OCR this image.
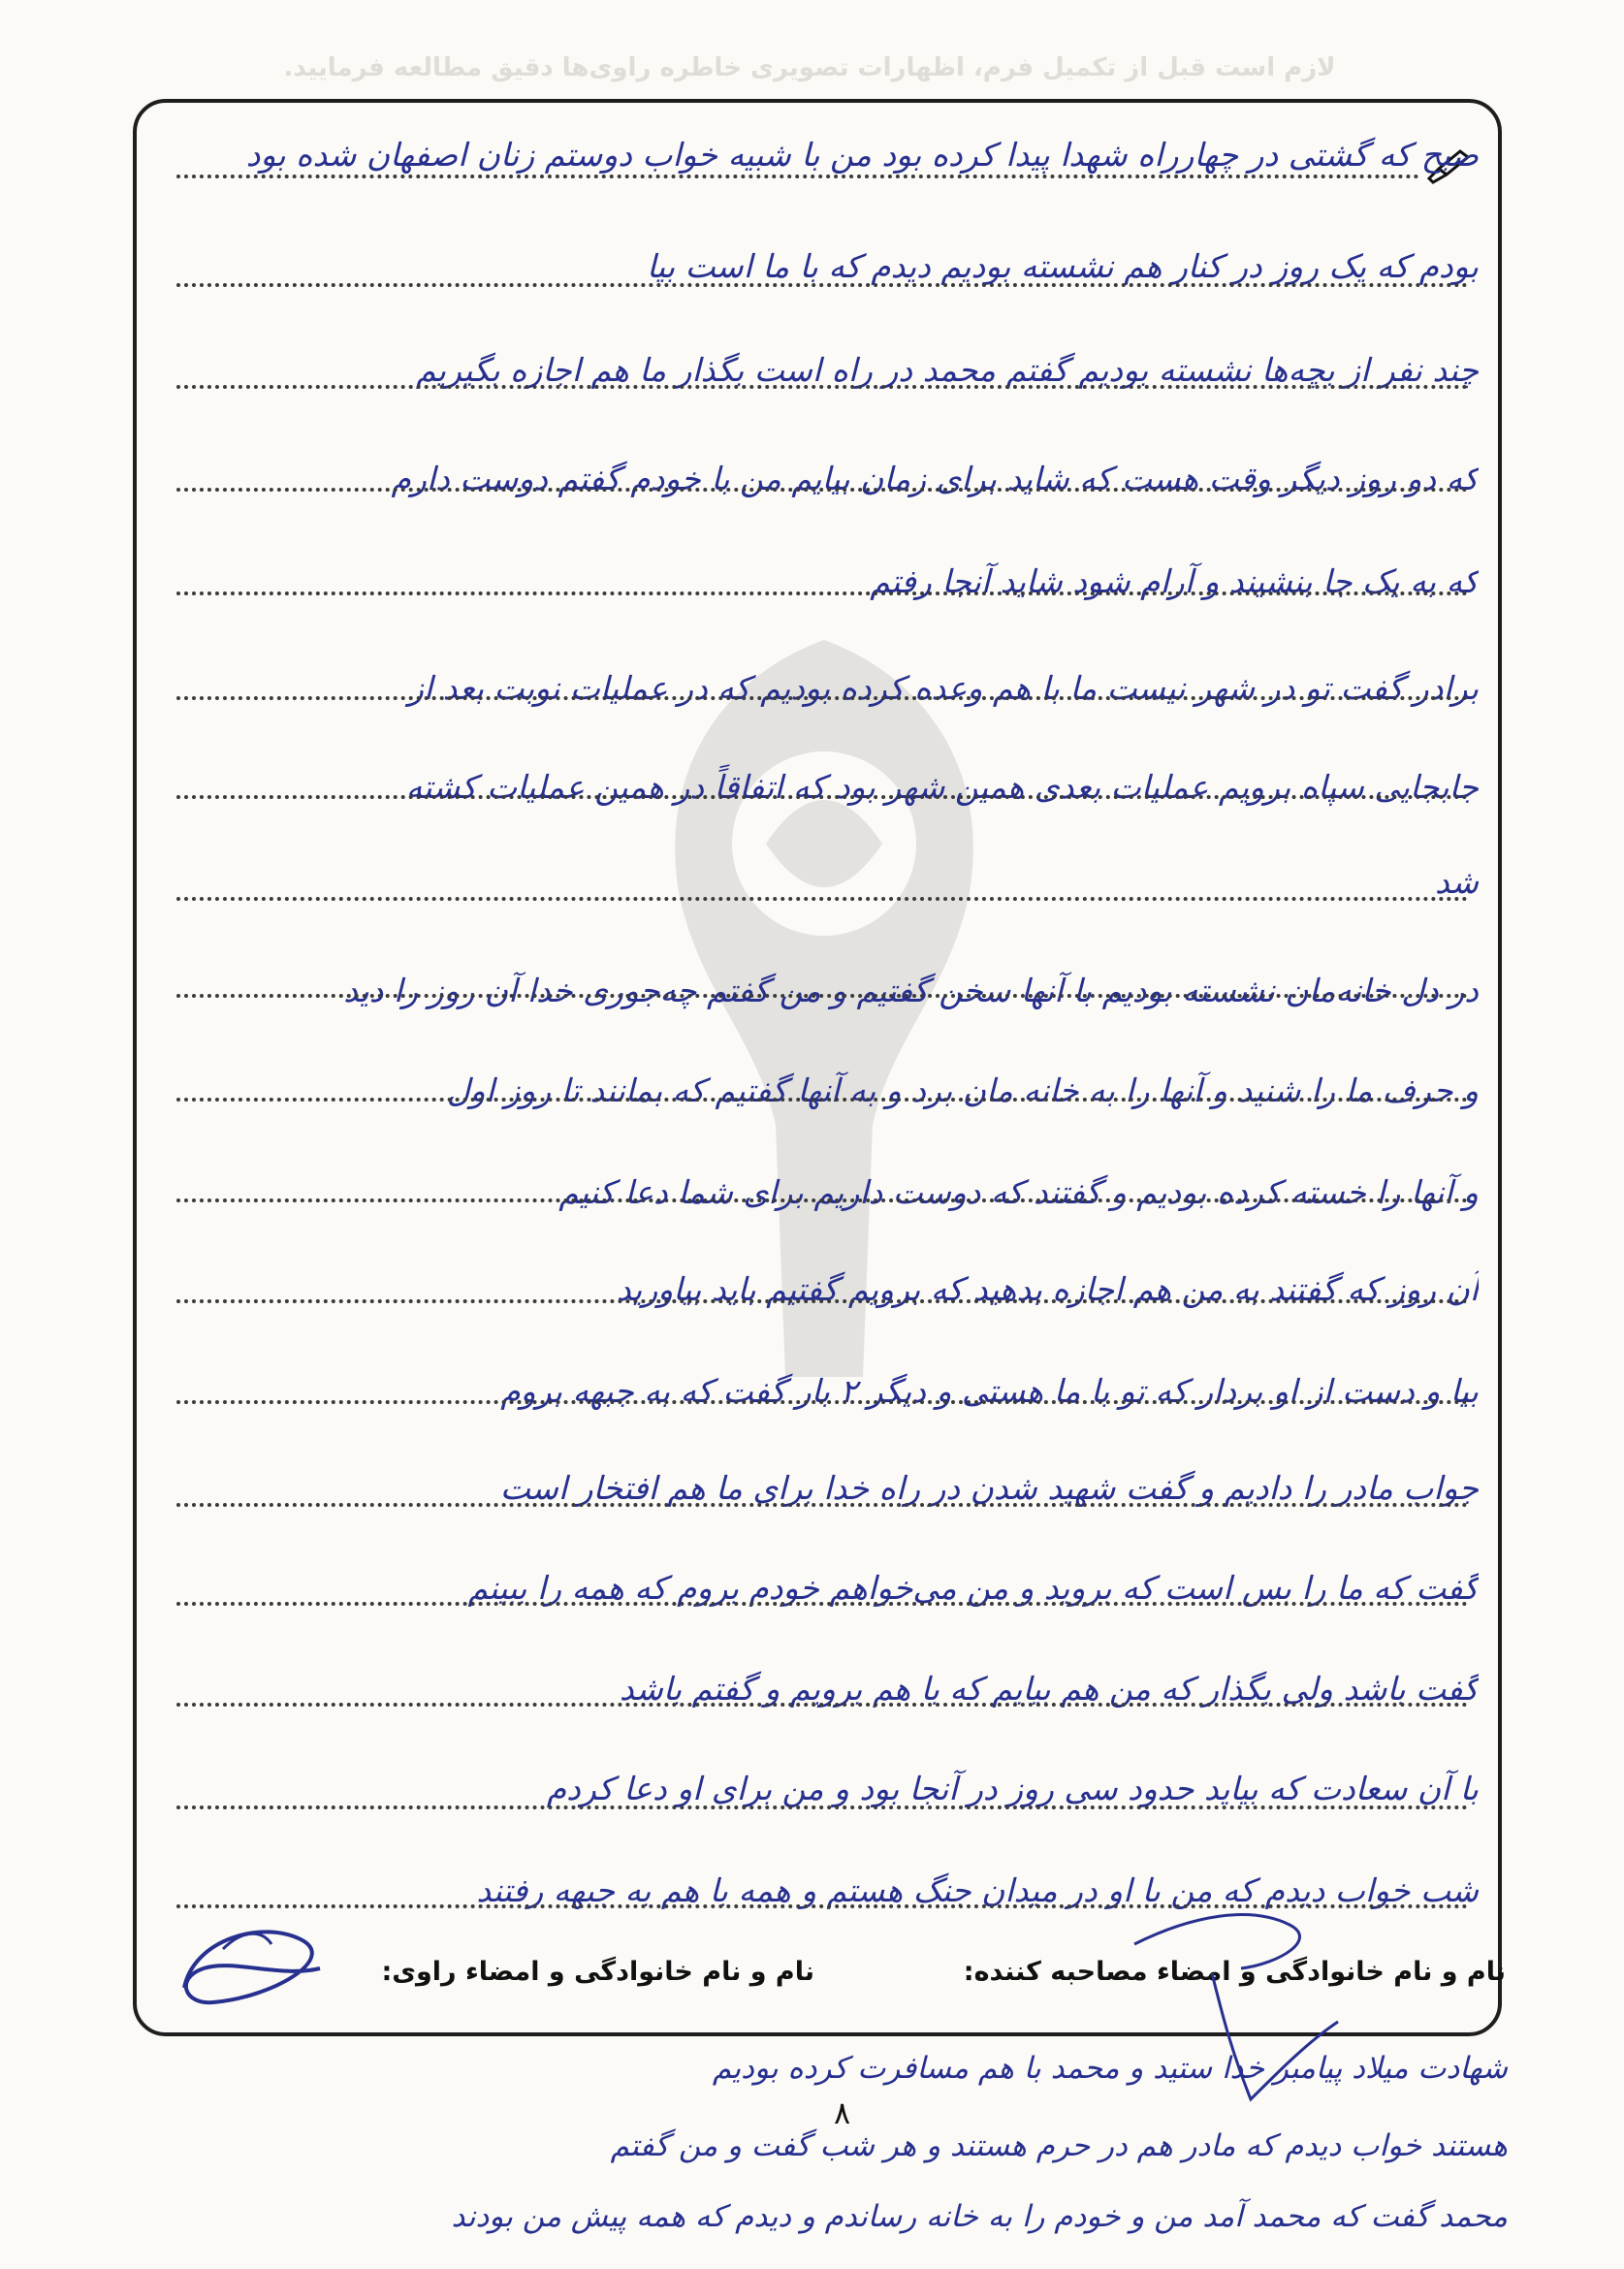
لازم است قبل از تکمیل فرم، اظهارات تصویری خاطره راوی‌ها دقیق مطالعه فرمایید.
صبح که گشتی در چهارراه شهدا پیدا کرده بود من با شبیه خواب دوستم زنان اصفهان شده بود
بودم که یک روز در کنار هم نشسته بودیم دیدم که با ما است بیا
چند نفر از بچه‌ها نشسته بودیم گفتم محمد در راه است بگذار ما هم اجازه بگیریم
که دو روز دیگر وقت هست که شاید برای زمان بیایم من با خودم گفتم دوست دارم
که به یک جا بنشیند و آرام شود شاید آنجا رفتم
برادر گفت تو در شهر نیست ما با هم وعده کرده بودیم که در عملیات نوبت بعد از
جابجایی سپاه برویم عملیات بعدی همین شهر بود که اتفاقاً در همین عملیات کشته
شد
در دل خانه‌مان نشسته بودیم با آنها سخن گفتیم و من گفتم چه‌جوری خدا آن روز را دید
و حرف ما را شنید و آنها را به خانه مان برد و به آنها گفتیم که بمانند تا روز اول
و آنها را خسته کرده بودیم و گفتند که دوست داریم برای شما دعا کنیم
آن روز که گفتند به من هم اجازه بدهید که برویم گفتیم باید بیاورید
بیا و دست از او بردار که تو با ما هستی و دیگر ۲ بار گفت که به جبهه بروم
جواب مادر را دادیم و گفت شهید شدن در راه خدا برای ما هم افتخار است
گفت که ما را بس است که بروید و من می‌خواهم خودم بروم که همه را ببینم
گفت باشد ولی بگذار که من هم بیایم که با هم برویم و گفتم باشد
با آن سعادت که بیاید حدود سی روز در آنجا بود و من برای او دعا کردم
شب خواب دیدم که من با او در میدان جنگ هستم و همه با هم به جبهه رفتند
نام و نام خانوادگی و امضاء مصاحبه کننده:
نام و نام خانوادگی و امضاء راوی:
شهادت میلاد پیامبر خدا ستید و محمد با هم مسافرت کرده بودیم
هستند خواب دیدم که مادر هم در حرم هستند و هر شب گفت و من گفتم
محمد گفت که محمد آمد من و خودم را به خانه رساندم و دیدم که همه پیش من بودند
۸
